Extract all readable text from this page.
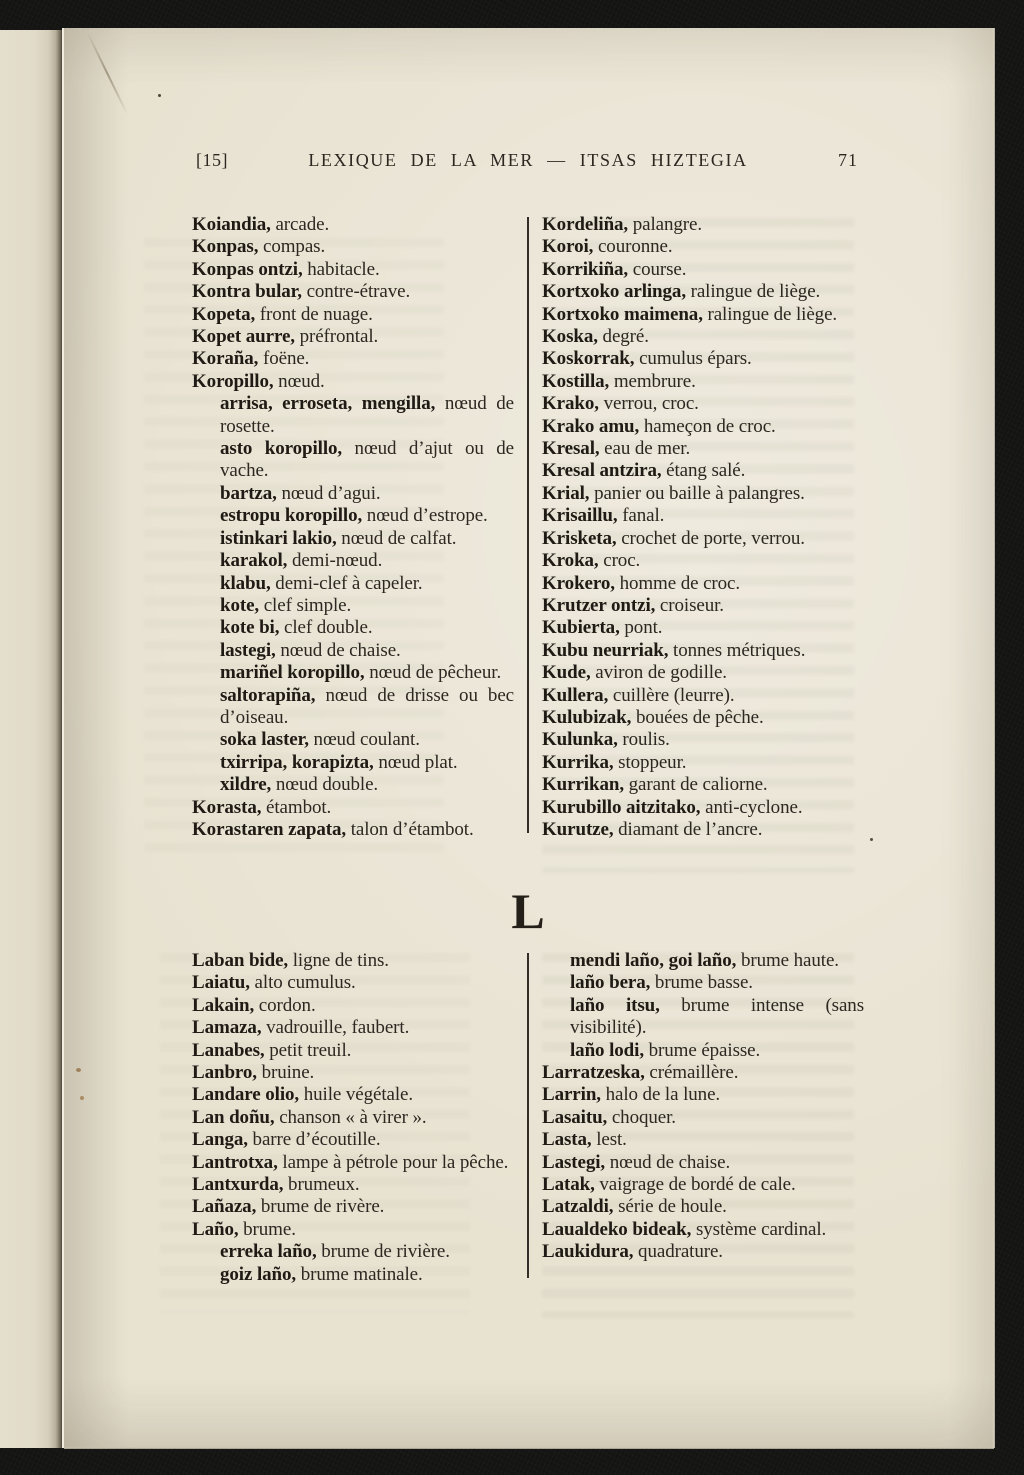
[15]	LEXIQUE DE LA MER — ITSAS HIZTEGIA	71
Koiandia, arcade.
Konpas, compas.
Konpas ontzi, habitacle.
Kontra bular, contre-étrave.
Kopeta, front de nuage.
Kopet aurre, préfrontal.
Koraña, foëne.
Koropillo, nœud.
arrisa, erroseta, mengilla, nœud de rosette.
asto koropillo, nœud d’ajut ou de vache.
bartza, nœud d’agui.
estropu koropillo, nœud d’estrope.
istinkari lakio, nœud de calfat.
karakol, demi-nœud.
klabu, demi-clef à capeler.
kote, clef simple.
kote bi, clef double.
lastegi, nœud de chaise.
mariñel koropillo, nœud de pêcheur.
saltorapiña, nœud de drisse ou bec d’oiseau.
soka laster, nœud coulant.
txirripa, korapizta, nœud plat.
xildre, nœud double.
Korasta, étambot.
Korastaren zapata, talon d’étambot.
Kordeliña, palangre.
Koroi, couronne.
Korrikiña, course.
Kortxoko arlinga, ralingue de liège.
Kortxoko maimena, ralingue de liège.
Koska, degré.
Koskorrak, cumulus épars.
Kostilla, membrure.
Krako, verrou, croc.
Krako amu, hameçon de croc.
Kresal, eau de mer.
Kresal antzira, étang salé.
Krial, panier ou baille à palangres.
Krisaillu, fanal.
Krisketa, crochet de porte, verrou.
Kroka, croc.
Krokero, homme de croc.
Krutzer ontzi, croiseur.
Kubierta, pont.
Kubu neurriak, tonnes métriques.
Kude, aviron de godille.
Kullera, cuillère (leurre).
Kulubizak, bouées de pêche.
Kulunka, roulis.
Kurrika, stoppeur.
Kurrikan, garant de caliorne.
Kurubillo aitzitako, anti-cyclone.
Kurutze, diamant de l’ancre.
L
Laban bide, ligne de tins.
Laiatu, alto cumulus.
Lakain, cordon.
Lamaza, vadrouille, faubert.
Lanabes, petit treuil.
Lanbro, bruine.
Landare olio, huile végétale.
Lan doñu, chanson « à virer ».
Langa, barre d’écoutille.
Lantrotxa, lampe à pétrole pour la pêche.
Lantxurda, brumeux.
Lañaza, brume de rivère.
Laño, brume.
erreka laño, brume de rivière.
goiz laño, brume matinale.
mendi laño, goi laño, brume haute.
laño bera, brume basse.
laño itsu, brume intense (sans visibilité).
laño lodi, brume épaisse.
Larratzeska, crémaillère.
Larrin, halo de la lune.
Lasaitu, choquer.
Lasta, lest.
Lastegi, nœud de chaise.
Latak, vaigrage de bordé de cale.
Latzaldi, série de houle.
Laualdeko bideak, système cardinal.
Laukidura, quadrature.
